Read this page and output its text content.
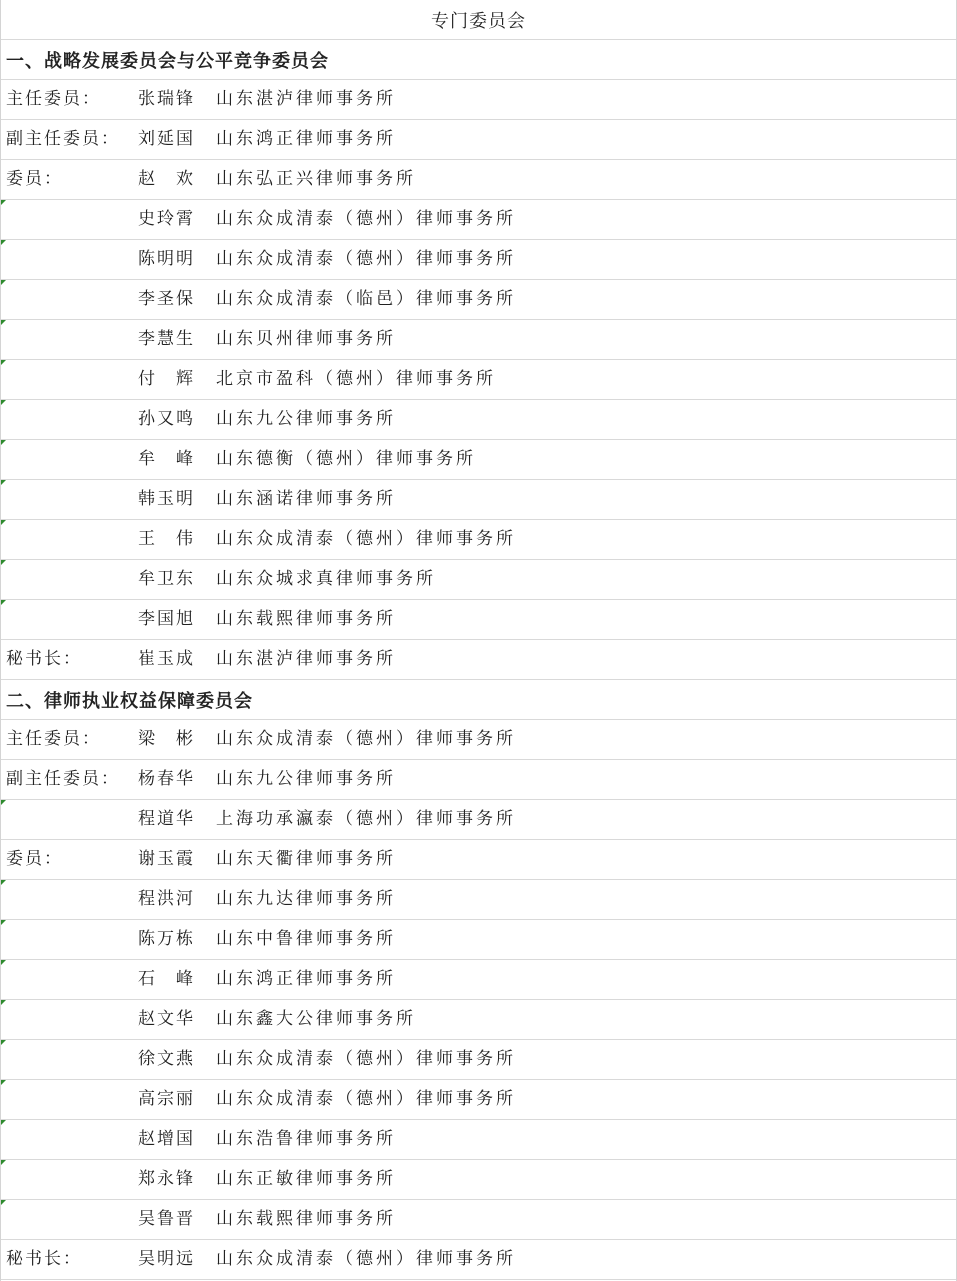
专门委员会
一、战略发展委员会与公平竞争委员会
主任委员： 张瑞锋 山东湛泸律师事务所
副主任委员： 刘延国 山东鸿正律师事务所
委员：	赵　欢 山东弘正兴律师事务所
史玲霄 山东众成清泰（德州）律师事务所
陈明明 山东众成清泰（德州）律师事务所
李圣保 山东众成清泰（临邑）律师事务所
李慧生 山东贝州律师事务所
付　辉 北京市盈科（德州）律师事务所
孙又鸣 山东九公律师事务所
牟　峰 山东德衡（德州）律师事务所
韩玉明 山东涵诺律师事务所
王　伟 山东众成清泰（德州）律师事务所
牟卫东 山东众城求真律师事务所
李国旭 山东载熙律师事务所
秘书长：	崔玉成 山东湛泸律师事务所
二、律师执业权益保障委员会
主任委员： 梁　彬 山东众成清泰（德州）律师事务所
副主任委员： 杨春华 山东九公律师事务所
程道华 上海功承瀛泰（德州）律师事务所
委员：	谢玉霞 山东天衢律师事务所
程洪河 山东九达律师事务所
陈万栋 山东中鲁律师事务所
石　峰 山东鸿正律师事务所
赵文华 山东鑫大公律师事务所
徐文燕 山东众成清泰（德州）律师事务所
高宗丽 山东众成清泰（德州）律师事务所
赵增国 山东浩鲁律师事务所
郑永锋 山东正敏律师事务所
吴鲁晋 山东载熙律师事务所
秘书长：	吴明远 山东众成清泰（德州）律师事务所
